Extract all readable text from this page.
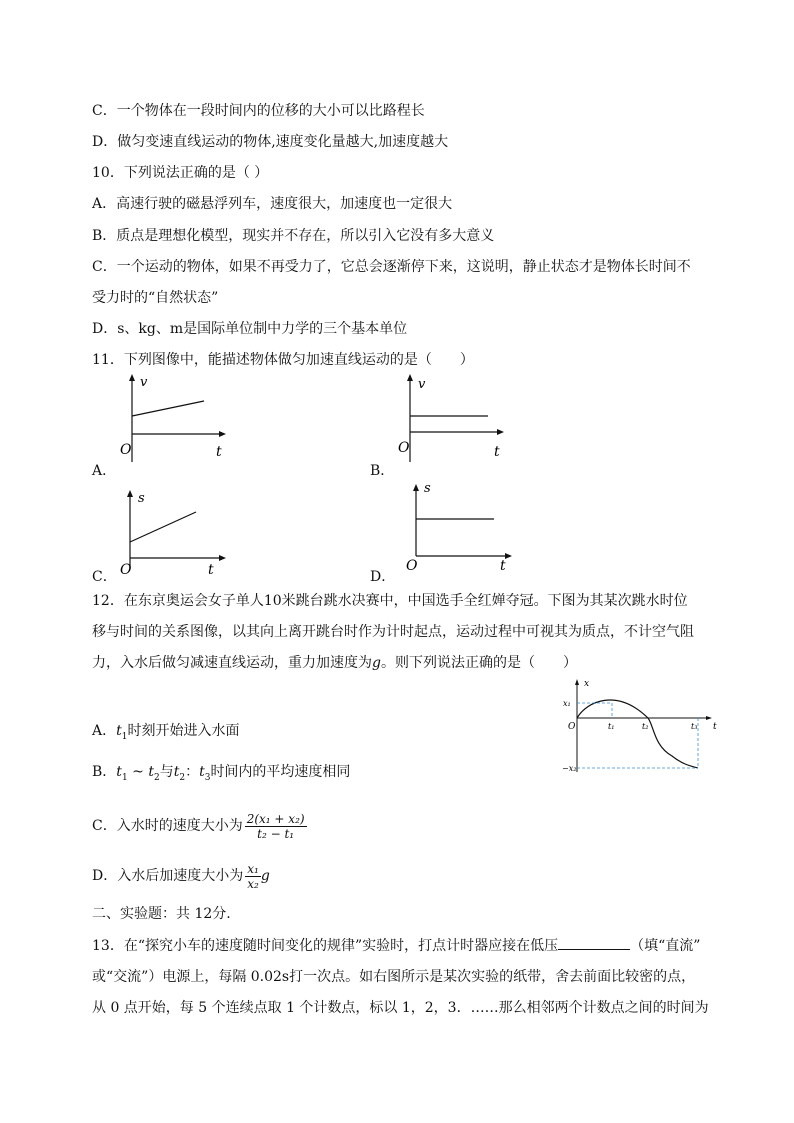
C．一个物体在一段时间内的位移的大小可以比路程长
D．做匀变速直线运动的物体,速度变化量越大,加速度越大
10．下列说法正确的是（ ）
A．高速行驶的磁悬浮列车，速度很大，加速度也一定很大
B．质点是理想化模型，现实并不存在，所以引入它没有多大意义
C．一个运动的物体，如果不再受力了，它总会逐渐停下来，这说明，静止状态才是物体长时间不
受力时的“自然状态”
D．s、kg、m是国际单位制中力学的三个基本单位
11．下列图像中，能描述物体做匀加速直线运动的是（　　）
A．
v
O	t
B．
v
O	t
C．
s
O	t	D．
s
O	t
12．在东京奥运会女子单人10米跳台跳水决赛中，中国选手全红婵夺冠。下图为其某次跳水时位
移与时间的关系图像，以其向上离开跳台时作为计时起点，运动过程中可视其为质点，不计空气阻
力，入水后做匀减速直线运动，重力加速度为g。则下列说法正确的是（　　）
x
x₁
O	t₁	t₂	t₃ t
−x₂
A．$t_1$时刻开始进入水面
B．$t_1$ ~ $t_2$与$t_2$：$t_3$时间内的平均速度相同
C．入水时的速度大小为 $\frac{\text{2(x₁ + x₂)}}{\text{t₂ − t₁}}$
D．入水后加速度大小为 $\frac{\text{x₁}}{\text{x₂}}$ g
二、实验题：共 12分.
13．在“探究小车的速度随时间变化的规律”实验时，打点计时器应接在低压	（填“直流”
或“交流”）电源上，每隔 0.02s打一次点。如右图所示是某次实验的纸带，舍去前面比较密的点，
从 0 点开始，每 5 个连续点取 1 个计数点，标以 1，2，3．……那么相邻两个计数点之间的时间为
